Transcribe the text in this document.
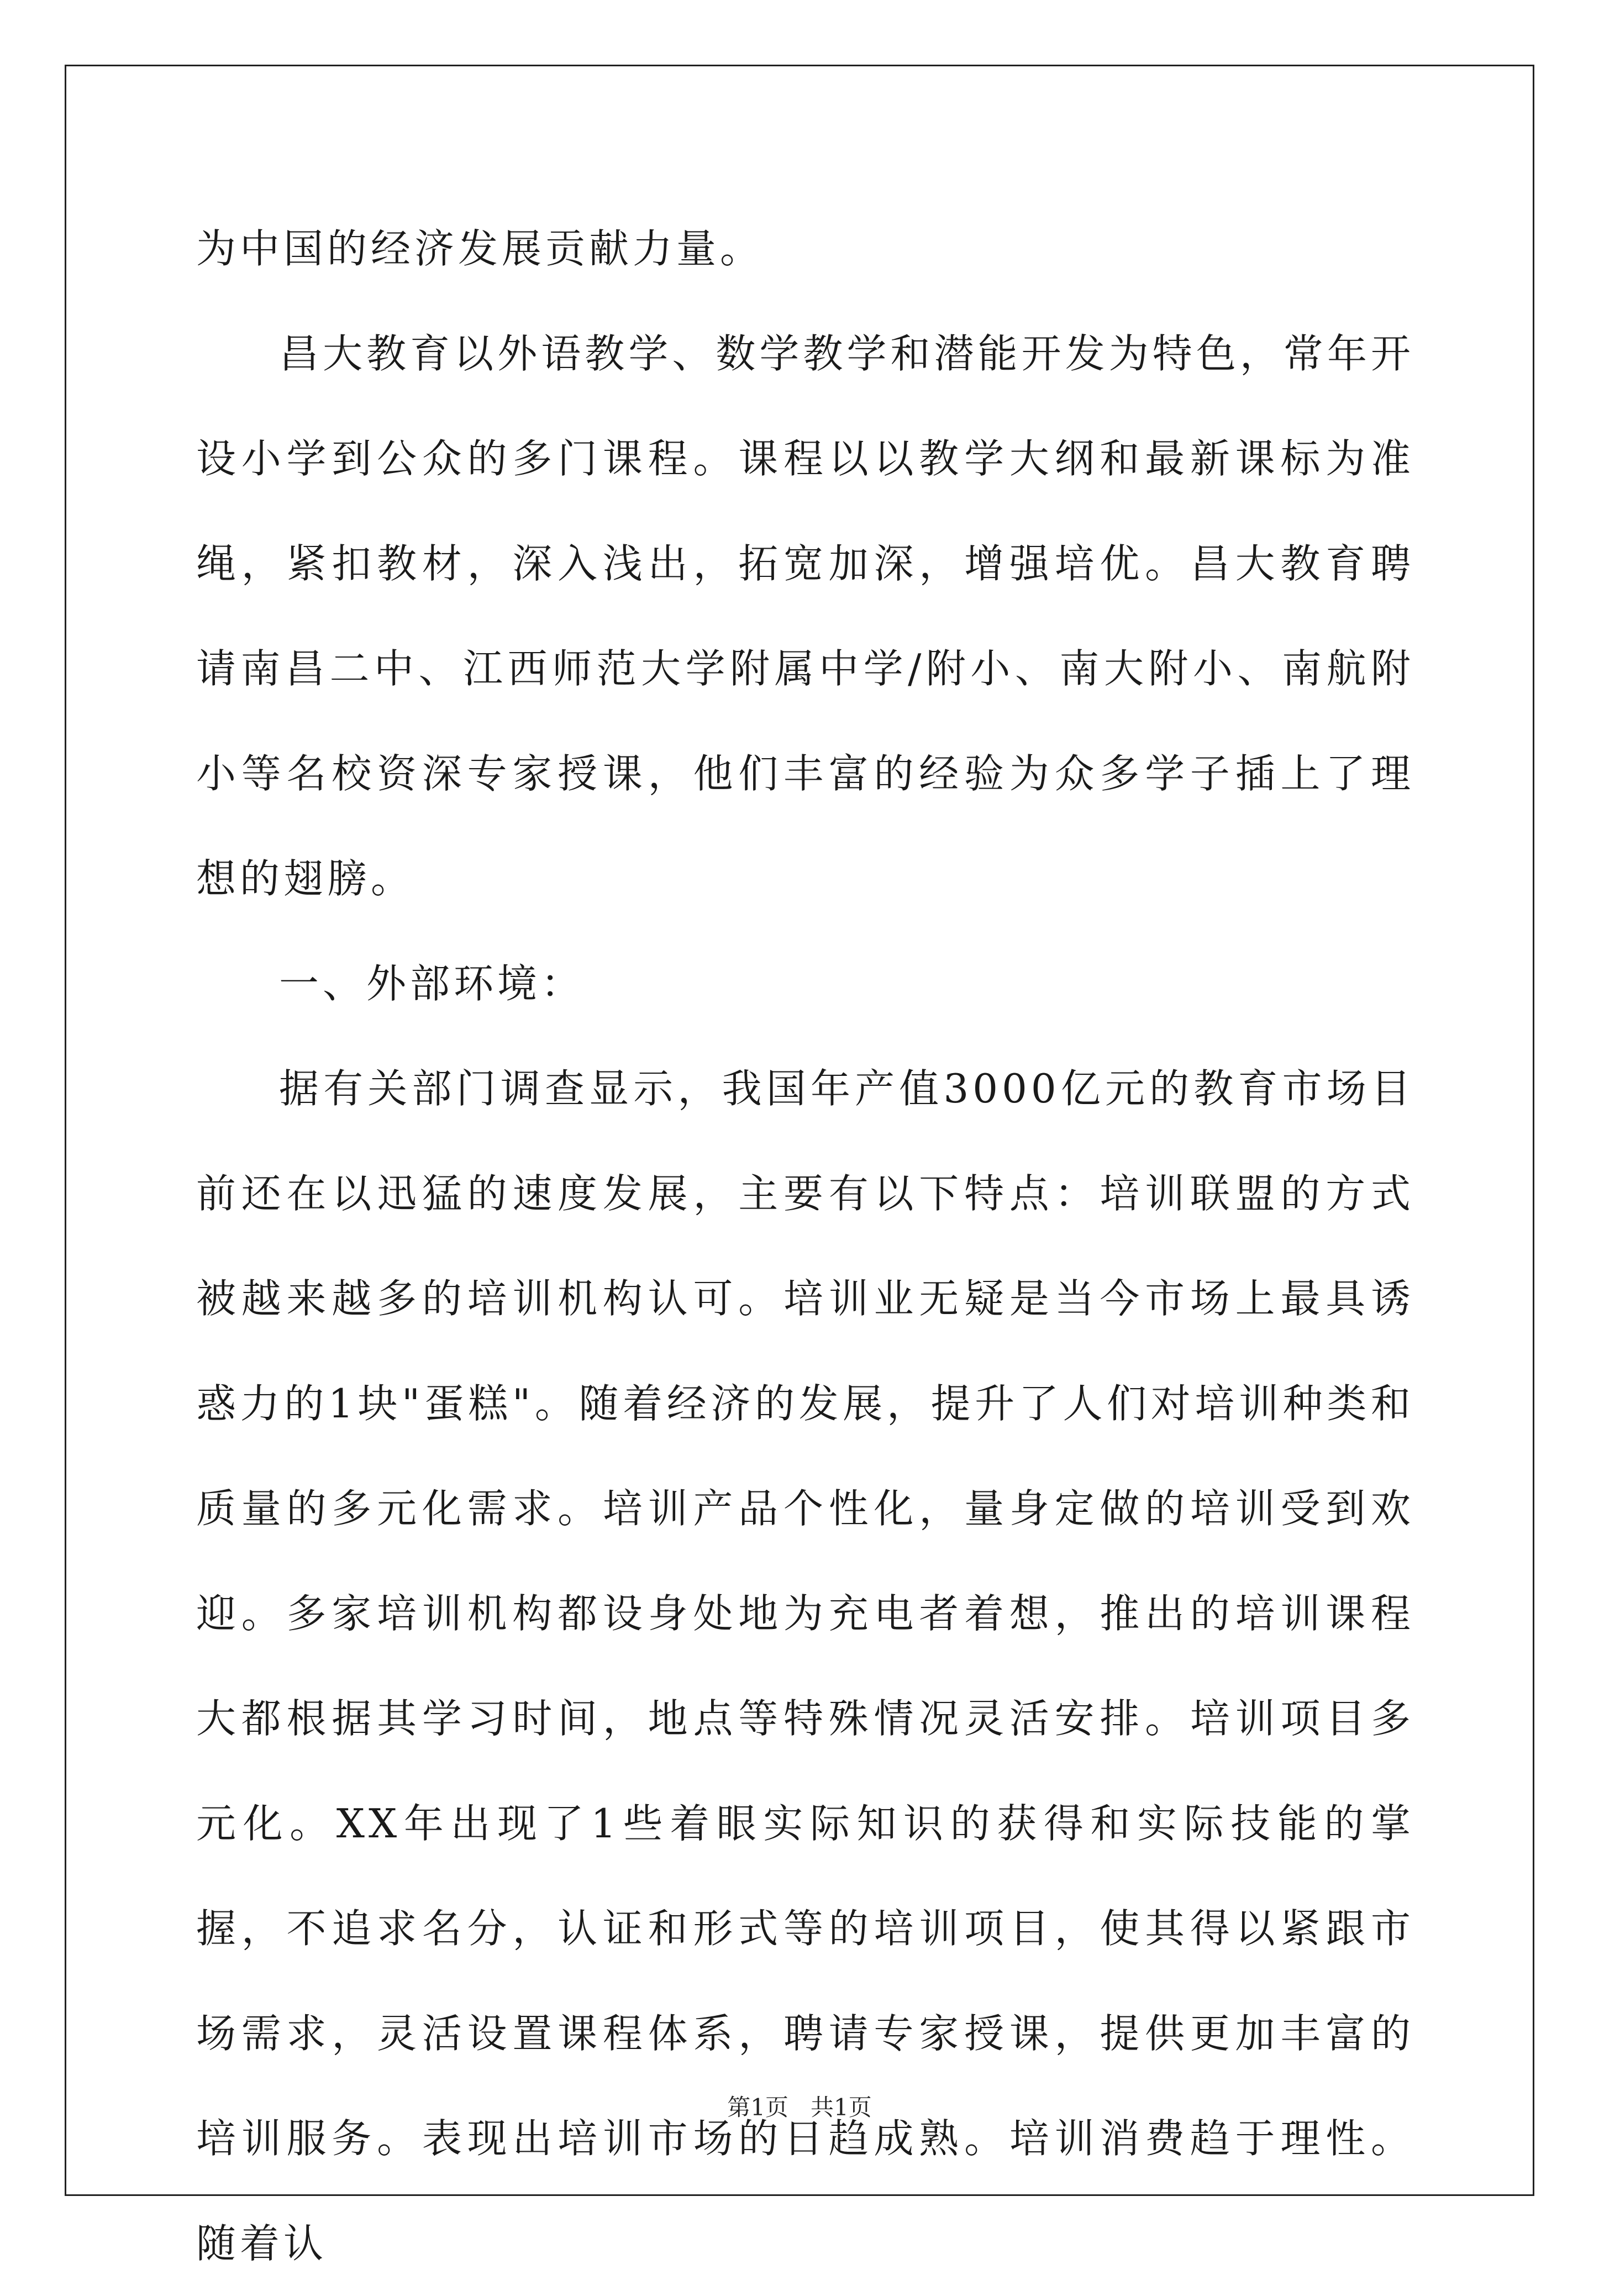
为中国的经济发展贡献力量。

昌大教育以外语教学、数学教学和潜能开发为特色，常年开设小学到公众的多门课程。课程以以教学大纲和最新课标为准绳，紧扣教材，深入浅出，拓宽加深，增强培优。昌大教育聘请南昌二中、江西师范大学附属中学/附小、南大附小、南航附小等名校资深专家授课，他们丰富的经验为众多学子插上了理想的翅膀。

一、外部环境：

据有关部门调查显示，我国年产值3000亿元的教育市场目前还在以迅猛的速度发展，主要有以下特点：培训联盟的方式被越来越多的培训机构认可。培训业无疑是当今市场上最具诱惑力的1块"蛋糕"。随着经济的发展，提升了人们对培训种类和质量的多元化需求。培训产品个性化，量身定做的培训受到欢迎。多家培训机构都设身处地为充电者着想，推出的培训课程大都根据其学习时间，地点等特殊情况灵活安排。培训项目多元化。XX年出现了1些着眼实际知识的获得和实际技能的掌握，不追求名分，认证和形式等的培训项目，使其得以紧跟市场需求，灵活设置课程体系，聘请专家授课，提供更加丰富的培训服务。表现出培训市场的日趋成熟。培训消费趋于理性。随着认

第1页 共1页
